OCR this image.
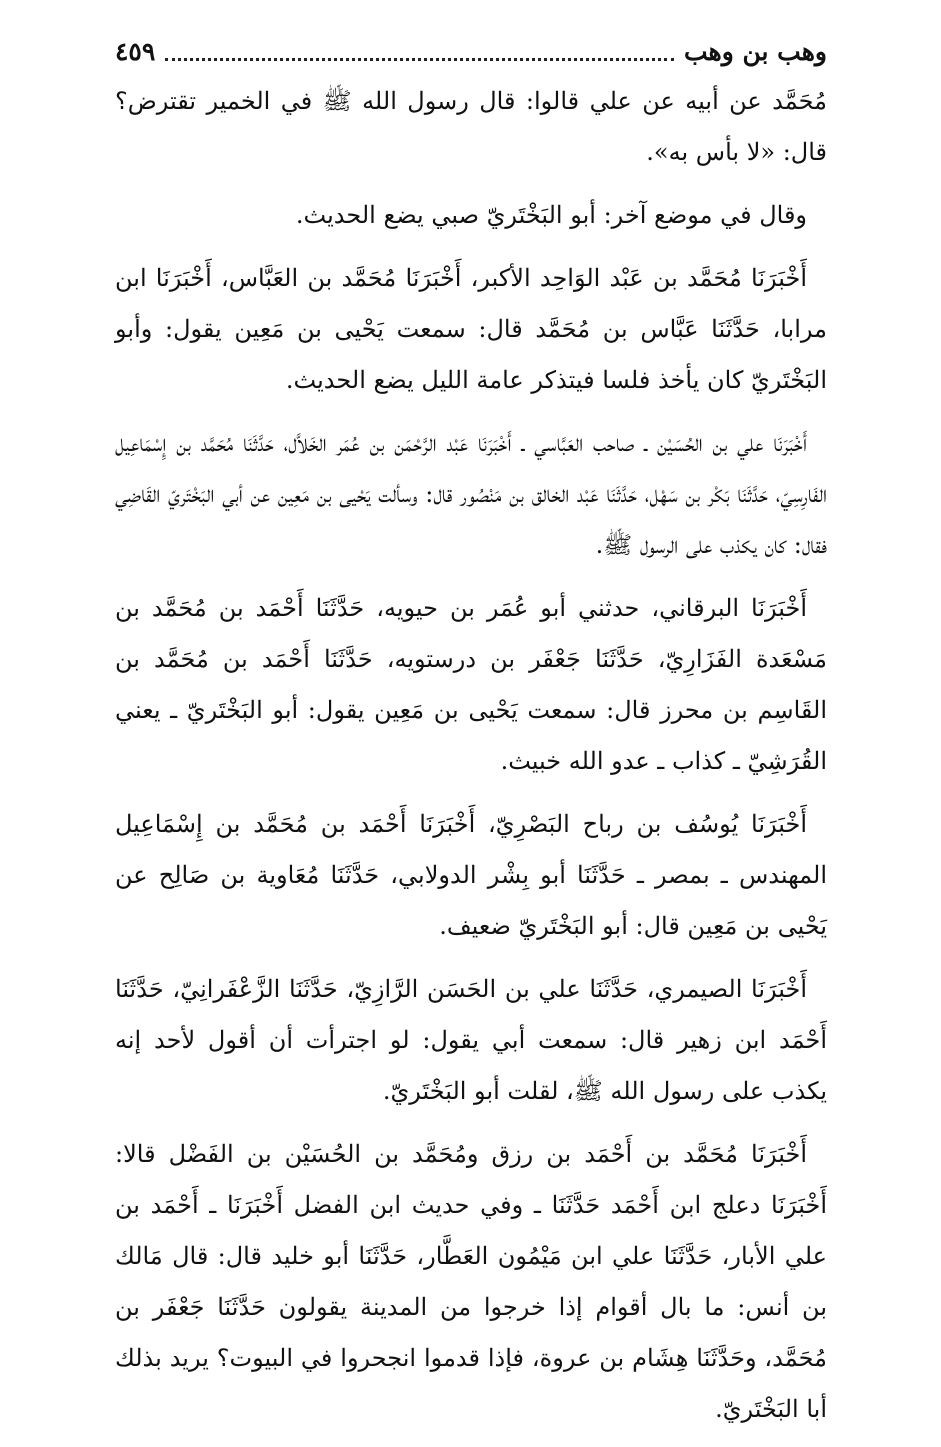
وهب بن وهب
٤٥٩

مُحَمَّد عن أبيه عن علي قالوا: قال رسول الله ﷺ في الخمير تقترض؟ قال: «لا بأس به».

وقال في موضع آخر: أبو البَخْتَريّ صبي يضع الحديث.

أَخْبَرَنَا مُحَمَّد بن عَبْد الوَاحِد الأكبر، أَخْبَرَنَا مُحَمَّد بن العَبَّاس، أَخْبَرَنَا ابن مرابا، حَدَّثَنَا عَبَّاس بن مُحَمَّد قال: سمعت يَحْيى بن مَعِين يقول: وأبو البَخْتَريّ كان يأخذ فلسا فيتذكر عامة الليل يضع الحديث.

أَخْبَرَنَا علي بن الحُسَيْن ـ صاحب العَبَّاسي ـ أَخْبَرَنَا عَبْد الرَّحْمَن بن عُمَر الخَلاَّل، حَدَّثَنَا مُحَمَّد بن إِسْمَاعِيل الفَارِسِيّ، حَدَّثَنَا بَكْر بن سَهْل، حَدَّثَنَا عَبْد الخالق بن مَنْصُور قال: وسألت يَحْيى بن مَعِين عن أبي البَخْتَريّ القَاضِي فقال: كان يكذب على الرسول ﷺ.

أَخْبَرَنَا البرقاني، حدثني أبو عُمَر بن حيويه، حَدَّثَنَا أَحْمَد بن مُحَمَّد بن مَسْعَدة الفَزَارِيّ، حَدَّثَنَا جَعْفَر بن درستويه، حَدَّثَنَا أَحْمَد بن مُحَمَّد بن القَاسِم بن محرز قال: سمعت يَحْيى بن مَعِين يقول: أبو البَخْتَريّ ـ يعني القُرَشِيّ ـ كذاب ـ عدو الله خبيث.

أَخْبَرَنَا يُوسُف بن رباح البَصْرِيّ، أَخْبَرَنَا أَحْمَد بن مُحَمَّد بن إِسْمَاعِيل المهندس ـ بمصر ـ حَدَّثَنَا أبو بِشْر الدولابي، حَدَّثَنَا مُعَاوية بن صَالِح عن يَحْيى بن مَعِين قال: أبو البَخْتَريّ ضعيف.

أَخْبَرَنَا الصيمري، حَدَّثَنَا علي بن الحَسَن الرَّازِيّ، حَدَّثَنَا الزَّعْفَرانِيّ، حَدَّثَنَا أَحْمَد ابن زهير قال: سمعت أبي يقول: لو اجترأت أن أقول لأحد إنه يكذب على رسول الله ﷺ، لقلت أبو البَخْتَريّ.

أَخْبَرَنَا مُحَمَّد بن أَحْمَد بن رزق ومُحَمَّد بن الحُسَيْن بن الفَضْل قالا: أَخْبَرَنَا دعلج ابن أَحْمَد حَدَّثَنَا ـ وفي حديث ابن الفضل أَخْبَرَنَا ـ أَحْمَد بن علي الأبار، حَدَّثَنَا علي ابن مَيْمُون العَطَّار، حَدَّثَنَا أبو خليد قال: قال مَالك بن أنس: ما بال أقوام إذا خرجوا من المدينة يقولون حَدَّثَنَا جَعْفَر بن مُحَمَّد، وحَدَّثَنَا هِشَام بن عروة، فإذا قدموا انجحروا في البيوت؟ يريد بذلك أبا البَخْتَريّ.
